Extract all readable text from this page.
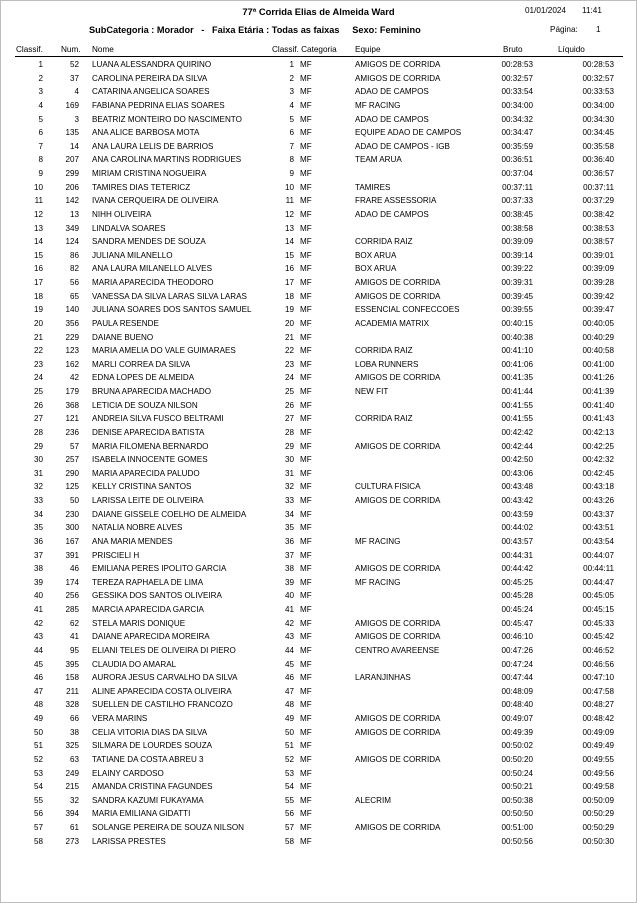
77ª Corrida Elias de Almeida Ward	01/01/2024 11:41
SubCategoria : Morador   -   Faixa Etária : Todas as faixas     Sexo: Feminino	Página: 1
Classif. Num. Nome	Classif. Categoria Equipe	Bruto	Líquido
1	52 LUANA ALESSANDRA QUIRINO	1 MF	AMIGOS DE CORRIDA	00:28:53	00:28:53
2	37 CAROLINA PEREIRA DA SILVA	2 MF	AMIGOS DE CORRIDA	00:32:57	00:32:57
3	4 CATARINA ANGELICA SOARES	3 MF	ADAO DE CAMPOS	00:33:54	00:33:53
4	169 FABIANA PEDRINA ELIAS SOARES	4 MF	MF RACING	00:34:00	00:34:00
5	3 BEATRIZ MONTEIRO DO NASCIMENTO	5 MF	ADAO DE CAMPOS	00:34:32	00:34:30
6	135 ANA ALICE BARBOSA MOTA	6 MF	EQUIPE ADAO DE CAMPOS	00:34:47	00:34:45
7	14 ANA LAURA LELIS DE BARRIOS	7 MF	ADAO DE CAMPOS - IGB	00:35:59	00:35:58
8	207 ANA CAROLINA MARTINS RODRIGUES	8 MF	TEAM ARUA	00:36:51	00:36:40
9	299 MIRIAM CRISTINA NOGUEIRA	9 MF	00:37:04	00:36:57
10	206 TAMIRES DIAS TETERICZ	10 MF	TAMIRES	00:37:11	00:37:11
11	142 IVANA CERQUEIRA DE OLIVEIRA	11 MF	FRARE ASSESSORIA	00:37:33	00:37:29
12	13 NIHH OLIVEIRA	12 MF	ADAO DE CAMPOS	00:38:45	00:38:42
13	349 LINDALVA SOARES	13 MF	00:38:58	00:38:53
14	124 SANDRA MENDES DE SOUZA	14 MF	CORRIDA RAIZ	00:39:09	00:38:57
15	86 JULIANA MILANELLO	15 MF	BOX ARUA	00:39:14	00:39:01
16	82 ANA LAURA MILANELLO ALVES	16 MF	BOX ARUA	00:39:22	00:39:09
17	56 MARIA APARECIDA THEODORO	17 MF	AMIGOS DE CORRIDA	00:39:31	00:39:28
18	65 VANESSA DA SILVA LARAS SILVA LARAS	18 MF	AMIGOS DE CORRIDA	00:39:45	00:39:42
19	140 JULIANA SOARES DOS SANTOS SAMUEL	19 MF	ESSENCIAL CONFECCOES	00:39:55	00:39:47
20	356 PAULA RESENDE	20 MF	ACADEMIA MATRIX	00:40:15	00:40:05
21	229 DAIANE BUENO	21 MF	00:40:38	00:40:29
22	123 MARIA AMELIA DO VALE GUIMARAES	22 MF	CORRIDA RAIZ	00:41:10	00:40:58
23	162 MARLI CORREA DA SILVA	23 MF	LOBA RUNNERS	00:41:06	00:41:00
24	42 EDNA LOPES DE ALMEIDA	24 MF	AMIGOS DE CORRIDA	00:41:35	00:41:26
25	179 BRUNA APARECIDA MACHADO	25 MF	NEW FIT	00:41:44	00:41:39
26	368 LETICIA DE SOUZA NILSON	26 MF	00:41:55	00:41:40
27	121 ANDREIA SILVA FUSCO BELTRAMI	27 MF	CORRIDA RAIZ	00:41:55	00:41:43
28	236 DENISE APARECIDA BATISTA	28 MF	00:42:42	00:42:13
29	57 MARIA FILOMENA BERNARDO	29 MF	AMIGOS DE CORRIDA	00:42:44	00:42:25
30	257 ISABELA INNOCENTE GOMES	30 MF	00:42:50	00:42:32
31	290 MARIA APARECIDA PALUDO	31 MF	00:43:06	00:42:45
32	125 KELLY CRISTINA SANTOS	32 MF	CULTURA FISICA	00:43:48	00:43:18
33	50 LARISSA LEITE DE OLIVEIRA	33 MF	AMIGOS DE CORRIDA	00:43:42	00:43:26
34	230 DAIANE GISSELE COELHO DE ALMEIDA	34 MF	00:43:59	00:43:37
35	300 NATALIA NOBRE ALVES	35 MF	00:44:02	00:43:51
36	167 ANA MARIA MENDES	36 MF	MF RACING	00:43:57	00:43:54
37	391 PRISCIELI H	37 MF	00:44:31	00:44:07
38	46 EMILIANA PERES IPOLITO GARCIA	38 MF	AMIGOS DE CORRIDA	00:44:42	00:44:11
39	174 TEREZA RAPHAELA DE LIMA	39 MF	MF RACING	00:45:25	00:44:47
40	256 GESSIKA DOS SANTOS OLIVEIRA	40 MF	00:45:28	00:45:05
41	285 MARCIA APARECIDA GARCIA	41 MF	00:45:24	00:45:15
42	62 STELA MARIS DONIQUE	42 MF	AMIGOS DE CORRIDA	00:45:47	00:45:33
43	41 DAIANE APARECIDA MOREIRA	43 MF	AMIGOS DE CORRIDA	00:46:10	00:45:42
44	95 ELIANI TELES DE OLIVEIRA DI PIERO	44 MF	CENTRO AVAREENSE	00:47:26	00:46:52
45	395 CLAUDIA DO AMARAL	45 MF	00:47:24	00:46:56
46	158 AURORA JESUS CARVALHO DA SILVA	46 MF	LARANJINHAS	00:47:44	00:47:10
47	211 ALINE APARECIDA COSTA OLIVEIRA	47 MF	00:48:09	00:47:58
48	328 SUELLEN DE CASTILHO FRANCOZO	48 MF	00:48:40	00:48:27
49	66 VERA MARINS	49 MF	AMIGOS DE CORRIDA	00:49:07	00:48:42
50	38 CELIA VITORIA DIAS DA SILVA	50 MF	AMIGOS DE CORRIDA	00:49:39	00:49:09
51	325 SILMARA DE LOURDES SOUZA	51 MF	00:50:02	00:49:49
52	63 TATIANE DA COSTA ABREU 3	52 MF	AMIGOS DE CORRIDA	00:50:20	00:49:55
53	249 ELAINY CARDOSO	53 MF	00:50:24	00:49:56
54	215 AMANDA CRISTINA FAGUNDES	54 MF	00:50:21	00:49:58
55	32 SANDRA KAZUMI FUKAYAMA	55 MF	ALECRIM	00:50:38	00:50:09
56	394 MARIA EMILIANA GIDATTI	56 MF	00:50:50	00:50:29
57	61 SOLANGE PEREIRA DE SOUZA NILSON	57 MF	AMIGOS DE CORRIDA	00:51:00	00:50:29
58	273 LARISSA PRESTES	58 MF	00:50:56	00:50:30
